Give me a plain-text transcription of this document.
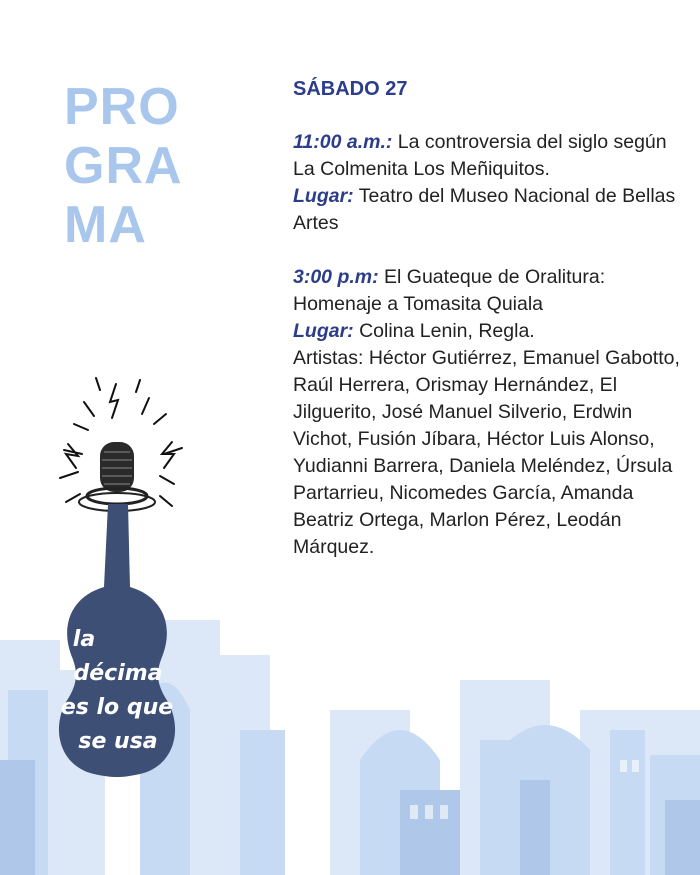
PRO
GRA
MA
la
décima
es lo que
se usa
SÁBADO 27
11:00 a.m.: La controversia del siglo según La Colmenita Los Meñiquitos.
Lugar: Teatro del Museo Nacional de Bellas Artes
3:00 p.m: El Guateque de Oralitura: Homenaje a Tomasita Quiala
Lugar: Colina Lenin, Regla.
Artistas: Héctor Gutiérrez, Emanuel Gabotto, Raúl Herrera, Orismay Hernández, El Jilguerito, José Manuel Silverio, Erdwin Vichot, Fusión Jíbara, Héctor Luis Alonso, Yudianni Barrera, Daniela Meléndez, Úrsula Partarrieu, Nicomedes García, Amanda Beatriz Ortega, Marlon Pérez, Leodán Márquez.
